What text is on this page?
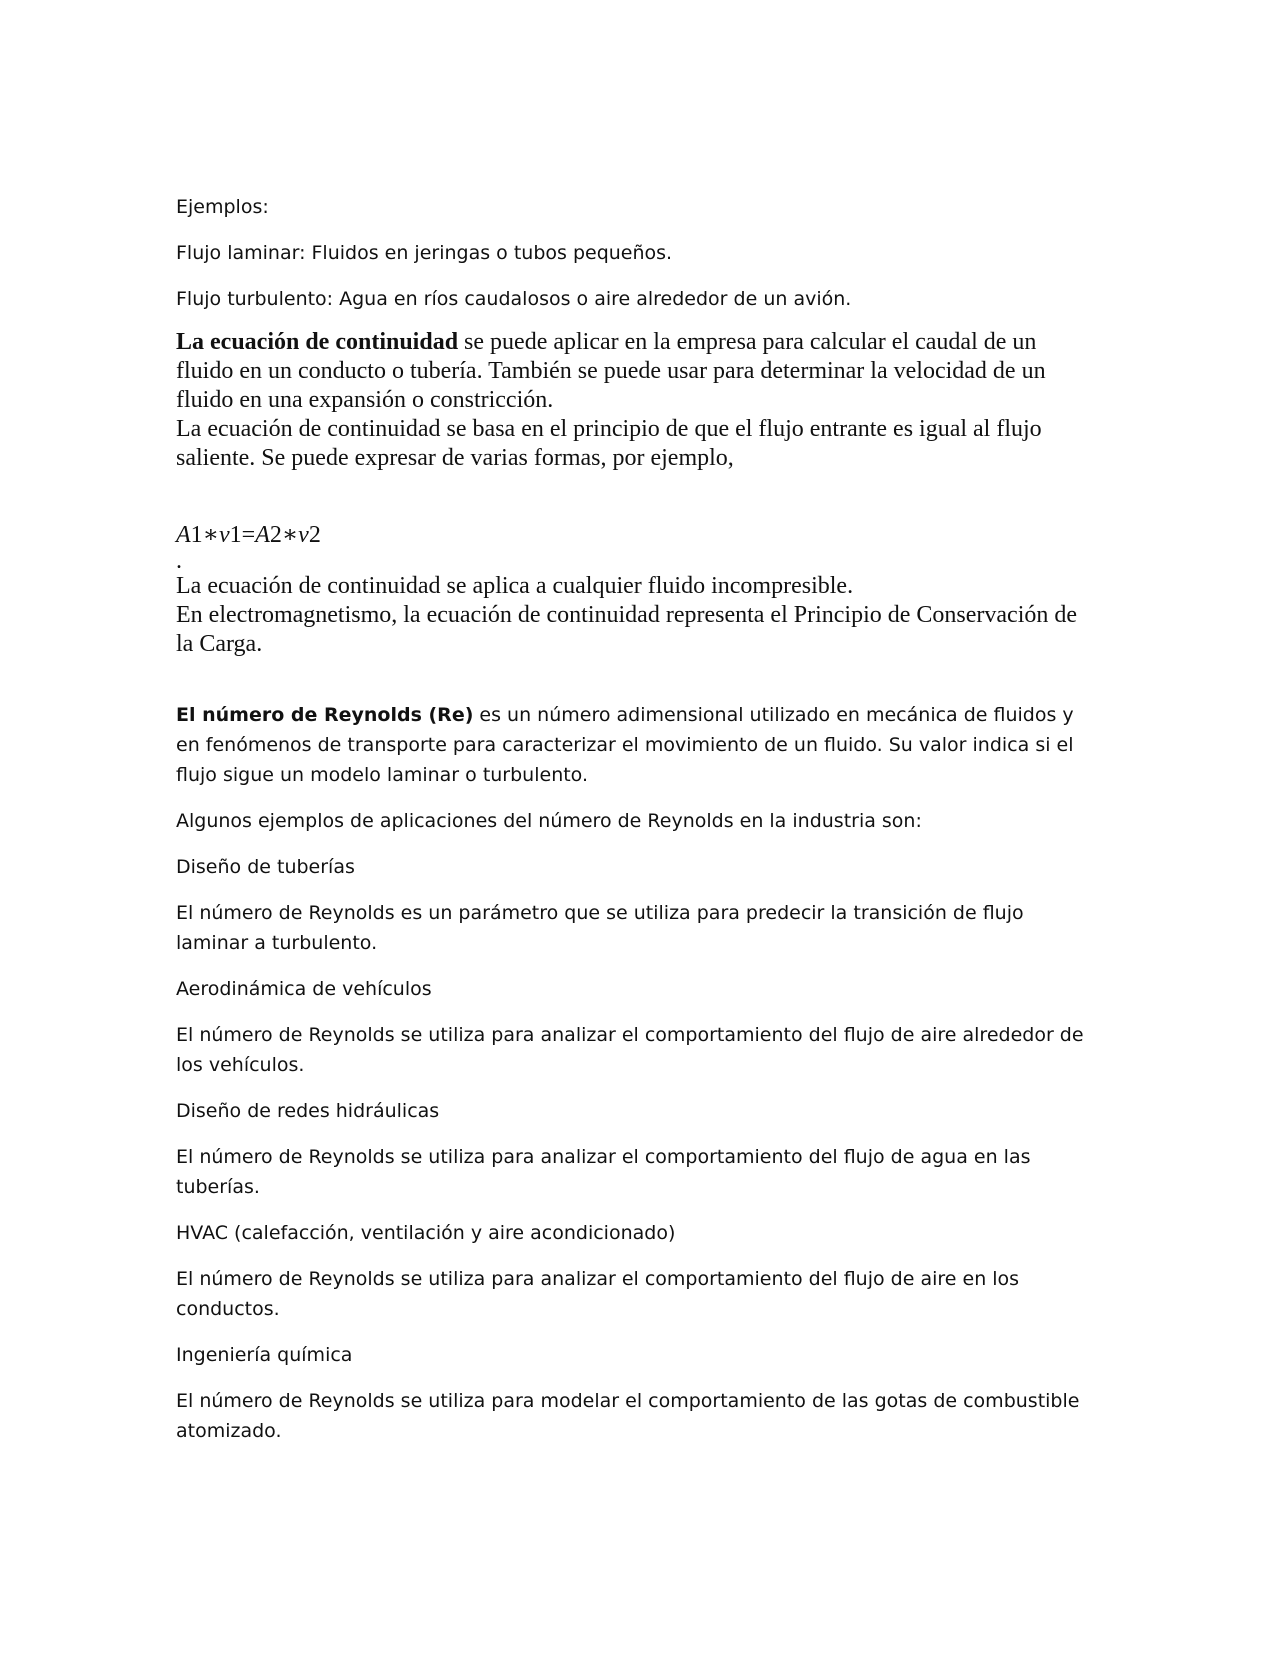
Ejemplos:

Flujo laminar: Fluidos en jeringas o tubos pequeños.

Flujo turbulento: Agua en ríos caudalosos o aire alrededor de un avión.

La ecuación de continuidad se puede aplicar en la empresa para calcular el caudal de un fluido en un conducto o tubería. También se puede usar para determinar la velocidad de un fluido en una expansión o constricción.

La ecuación de continuidad se basa en el principio de que el flujo entrante es igual al flujo saliente. Se puede expresar de varias formas, por ejemplo,

A1∗v1=A2∗v2

.

La ecuación de continuidad se aplica a cualquier fluido incompresible.

En electromagnetismo, la ecuación de continuidad representa el Principio de Conservación de la Carga.

El número de Reynolds (Re) es un número adimensional utilizado en mecánica de fluidos y en fenómenos de transporte para caracterizar el movimiento de un fluido. Su valor indica si el flujo sigue un modelo laminar o turbulento.

Algunos ejemplos de aplicaciones del número de Reynolds en la industria son:

Diseño de tuberías

El número de Reynolds es un parámetro que se utiliza para predecir la transición de flujo laminar a turbulento.

Aerodinámica de vehículos

El número de Reynolds se utiliza para analizar el comportamiento del flujo de aire alrededor de los vehículos.

Diseño de redes hidráulicas

El número de Reynolds se utiliza para analizar el comportamiento del flujo de agua en las tuberías.

HVAC (calefacción, ventilación y aire acondicionado)

El número de Reynolds se utiliza para analizar el comportamiento del flujo de aire en los conductos.

Ingeniería química

El número de Reynolds se utiliza para modelar el comportamiento de las gotas de combustible atomizado.
